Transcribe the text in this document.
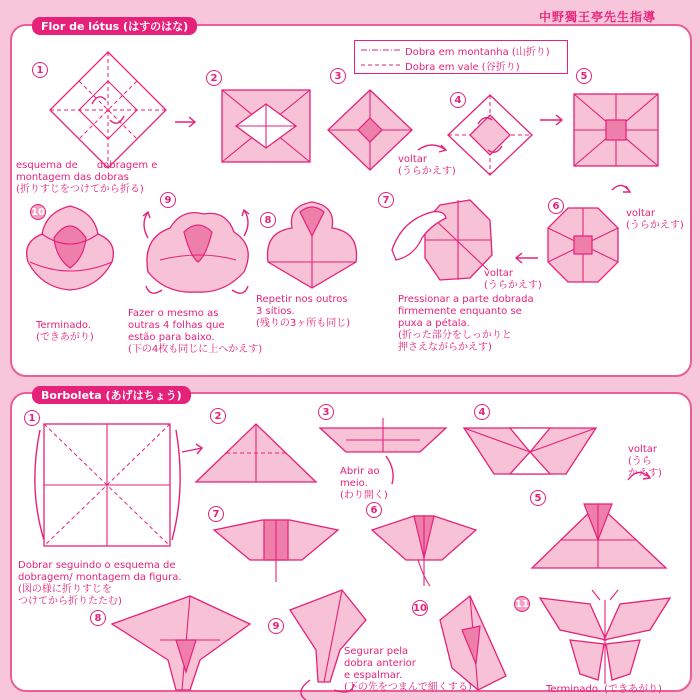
中野獨王亭先生指導
Flor de lótus (はすのはな)
Dobra em montanha (山折り)
Dobra em vale (谷折り)
1
2	3
4
5
6
7
8
9
10
esquema de      dobragem e
montagem das dobras
(折りすじをつけてから折る)
voltar
(うらかえす)
voltar
(うらかえす)
voltar
(うらかえす)
Pressionar a parte dobrada
firmemente enquanto se
puxa a pétala.
(折った部分をしっかりと
押さえながらかえす)
Repetir nos outros
3 sítios.
(残りの3ヶ所も同じ)
Fazer o mesmo as
outras 4 folhas que
estão para baixo.
(下の4枚も同じに上へかえす)
Terminado.
(できあがり)
Borboleta (あげはちょう)
1	2	3	4
5
6
7
8
9
10	11
Abrir ao
meio.
(わり開く)
voltar
(うら
かえす)
Dobrar seguindo o esquema de
dobragem/ montagem da figura.
(図の様に折りすじを
つけてから折りたたむ)
Segurar pela
dobra anterior
e espalmar.
(下の先をつまんで細くする)	Terminado. (できあがり)
